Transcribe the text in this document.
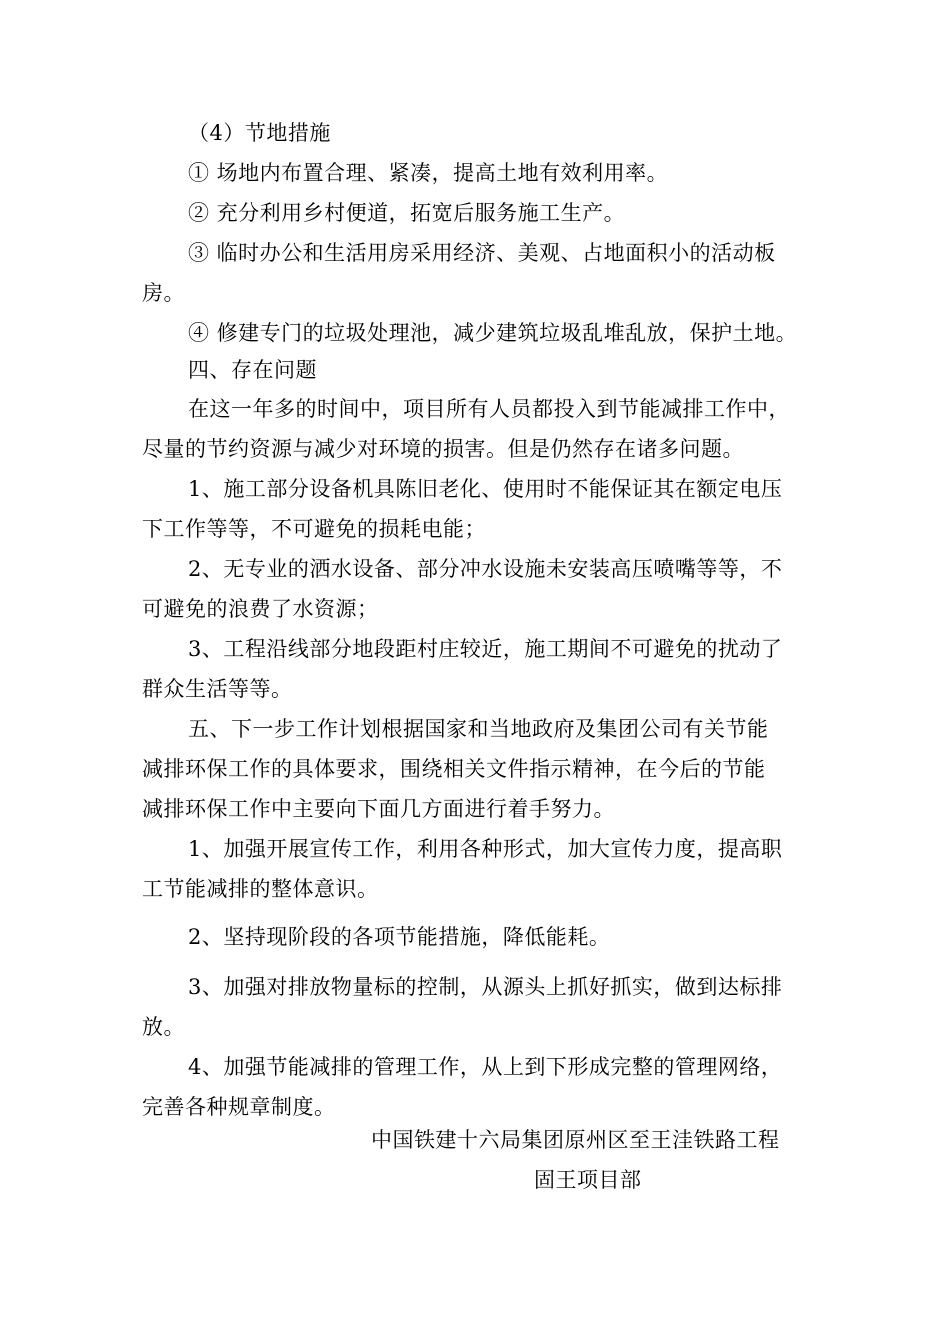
（4）节地措施
① 场地内布置合理、紧凑，提高土地有效利用率。
② 充分利用乡村便道，拓宽后服务施工生产。
③ 临时办公和生活用房采用经济、美观、占地面积小的活动板
房。
④ 修建专门的垃圾处理池，减少建筑垃圾乱堆乱放，保护土地。
四、存在问题
在这一年多的时间中，项目所有人员都投入到节能减排工作中，
尽量的节约资源与减少对环境的损害。但是仍然存在诸多问题。
1、施工部分设备机具陈旧老化、使用时不能保证其在额定电压
下工作等等，不可避免的损耗电能；
2、无专业的洒水设备、部分冲水设施未安装高压喷嘴等等，不
可避免的浪费了水资源；
3、工程沿线部分地段距村庄较近，施工期间不可避免的扰动了
群众生活等等。
五、下一步工作计划根据国家和当地政府及集团公司有关节能
减排环保工作的具体要求，围绕相关文件指示精神，在今后的节能
减排环保工作中主要向下面几方面进行着手努力。
1、加强开展宣传工作，利用各种形式，加大宣传力度，提高职
工节能减排的整体意识。
2、坚持现阶段的各项节能措施，降低能耗。
3、加强对排放物量标的控制，从源头上抓好抓实，做到达标排
放。
4、加强节能减排的管理工作，从上到下形成完整的管理网络，
完善各种规章制度。
中国铁建十六局集团原州区至王洼铁路工程
固王项目部
